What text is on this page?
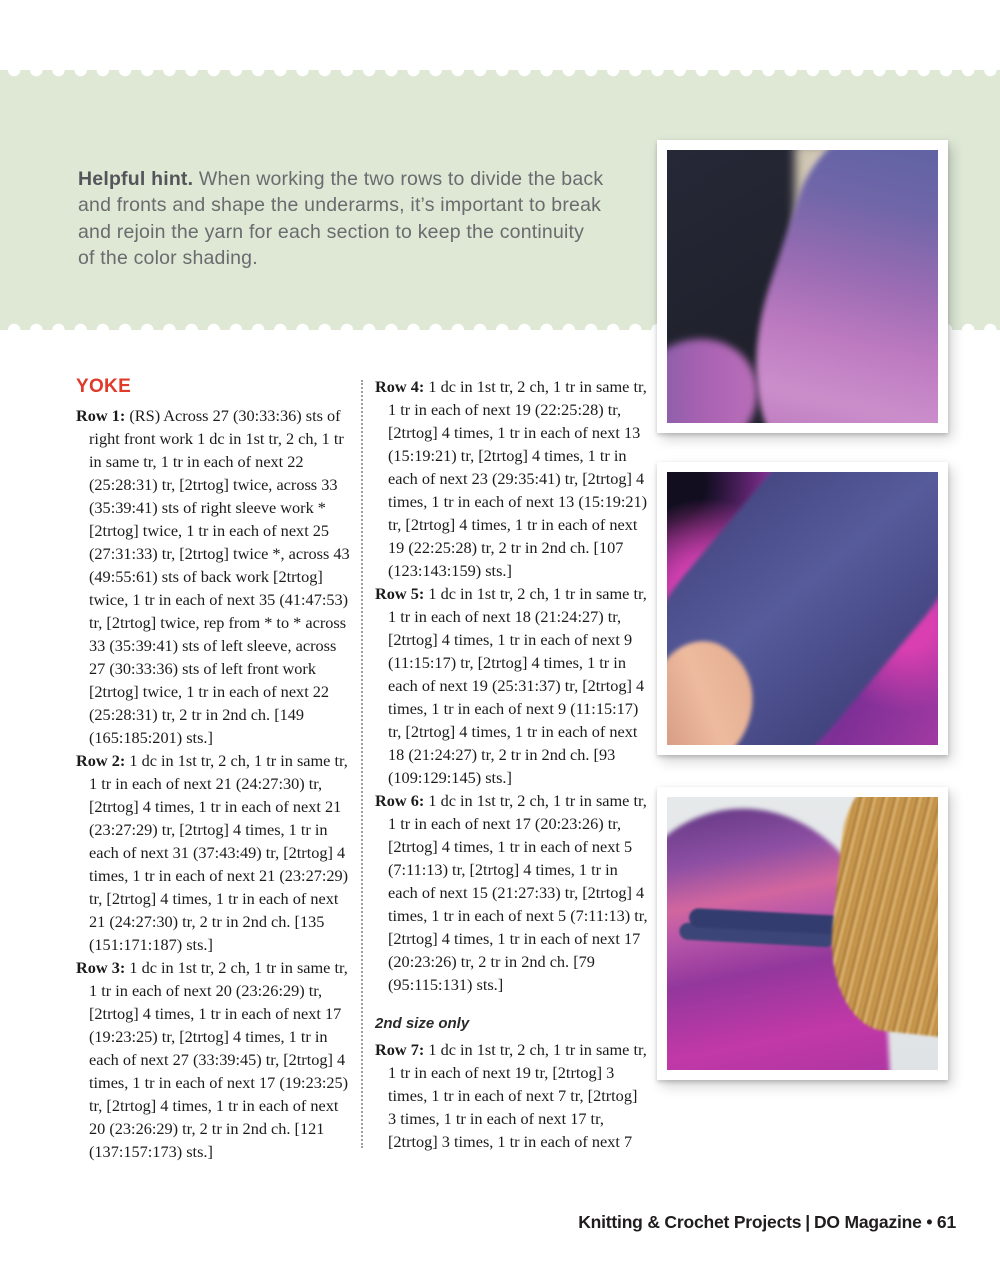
Helpful hint. When working the two rows to divide the back and fronts and shape the underarms, it’s important to break and rejoin the yarn for each section to keep the continuity of the color shading.

YOKE

Row 1: (RS) Across 27 (30:33:36) sts of right front work 1 dc in 1st tr, 2 ch, 1 tr in same tr, 1 tr in each of next 22 (25:28:31) tr, [2trtog] twice, across 33 (35:39:41) sts of right sleeve work * [2trtog] twice, 1 tr in each of next 25 (27:31:33) tr, [2trtog] twice *, across 43 (49:55:61) sts of back work [2trtog] twice, 1 tr in each of next 35 (41:47:53) tr, [2trtog] twice, rep from * to * across 33 (35:39:41) sts of left sleeve, across 27 (30:33:36) sts of left front work [2trtog] twice, 1 tr in each of next 22 (25:28:31) tr, 2 tr in 2nd ch. [149 (165:185:201) sts.]

Row 2: 1 dc in 1st tr, 2 ch, 1 tr in same tr, 1 tr in each of next 21 (24:27:30) tr, [2trtog] 4 times, 1 tr in each of next 21 (23:27:29) tr, [2trtog] 4 times, 1 tr in each of next 31 (37:43:49) tr, [2trtog] 4 times, 1 tr in each of next 21 (23:27:29) tr, [2trtog] 4 times, 1 tr in each of next 21 (24:27:30) tr, 2 tr in 2nd ch. [135 (151:171:187) sts.]

Row 3: 1 dc in 1st tr, 2 ch, 1 tr in same tr, 1 tr in each of next 20 (23:26:29) tr, [2trtog] 4 times, 1 tr in each of next 17 (19:23:25) tr, [2trtog] 4 times, 1 tr in each of next 27 (33:39:45) tr, [2trtog] 4 times, 1 tr in each of next 17 (19:23:25) tr, [2trtog] 4 times, 1 tr in each of next 20 (23:26:29) tr, 2 tr in 2nd ch. [121 (137:157:173) sts.]

Row 4: 1 dc in 1st tr, 2 ch, 1 tr in same tr, 1 tr in each of next 19 (22:25:28) tr, [2trtog] 4 times, 1 tr in each of next 13 (15:19:21) tr, [2trtog] 4 times, 1 tr in each of next 23 (29:35:41) tr, [2trtog] 4 times, 1 tr in each of next 13 (15:19:21) tr, [2trtog] 4 times, 1 tr in each of next 19 (22:25:28) tr, 2 tr in 2nd ch. [107 (123:143:159) sts.]

Row 5: 1 dc in 1st tr, 2 ch, 1 tr in same tr, 1 tr in each of next 18 (21:24:27) tr, [2trtog] 4 times, 1 tr in each of next 9 (11:15:17) tr, [2trtog] 4 times, 1 tr in each of next 19 (25:31:37) tr, [2trtog] 4 times, 1 tr in each of next 9 (11:15:17) tr, [2trtog] 4 times, 1 tr in each of next 18 (21:24:27) tr, 2 tr in 2nd ch. [93 (109:129:145) sts.]

Row 6: 1 dc in 1st tr, 2 ch, 1 tr in same tr, 1 tr in each of next 17 (20:23:26) tr, [2trtog] 4 times, 1 tr in each of next 5 (7:11:13) tr, [2trtog] 4 times, 1 tr in each of next 15 (21:27:33) tr, [2trtog] 4 times, 1 tr in each of next 5 (7:11:13) tr, [2trtog] 4 times, 1 tr in each of next 17 (20:23:26) tr, 2 tr in 2nd ch. [79 (95:115:131) sts.]

2nd size only

Row 7: 1 dc in 1st tr, 2 ch, 1 tr in same tr, 1 tr in each of next 19 tr, [2trtog] 3 times, 1 tr in each of next 7 tr, [2trtog] 3 times, 1 tr in each of next 17 tr, [2trtog] 3 times, 1 tr in each of next 7

Knitting & Crochet Projects | DO Magazine • 61
